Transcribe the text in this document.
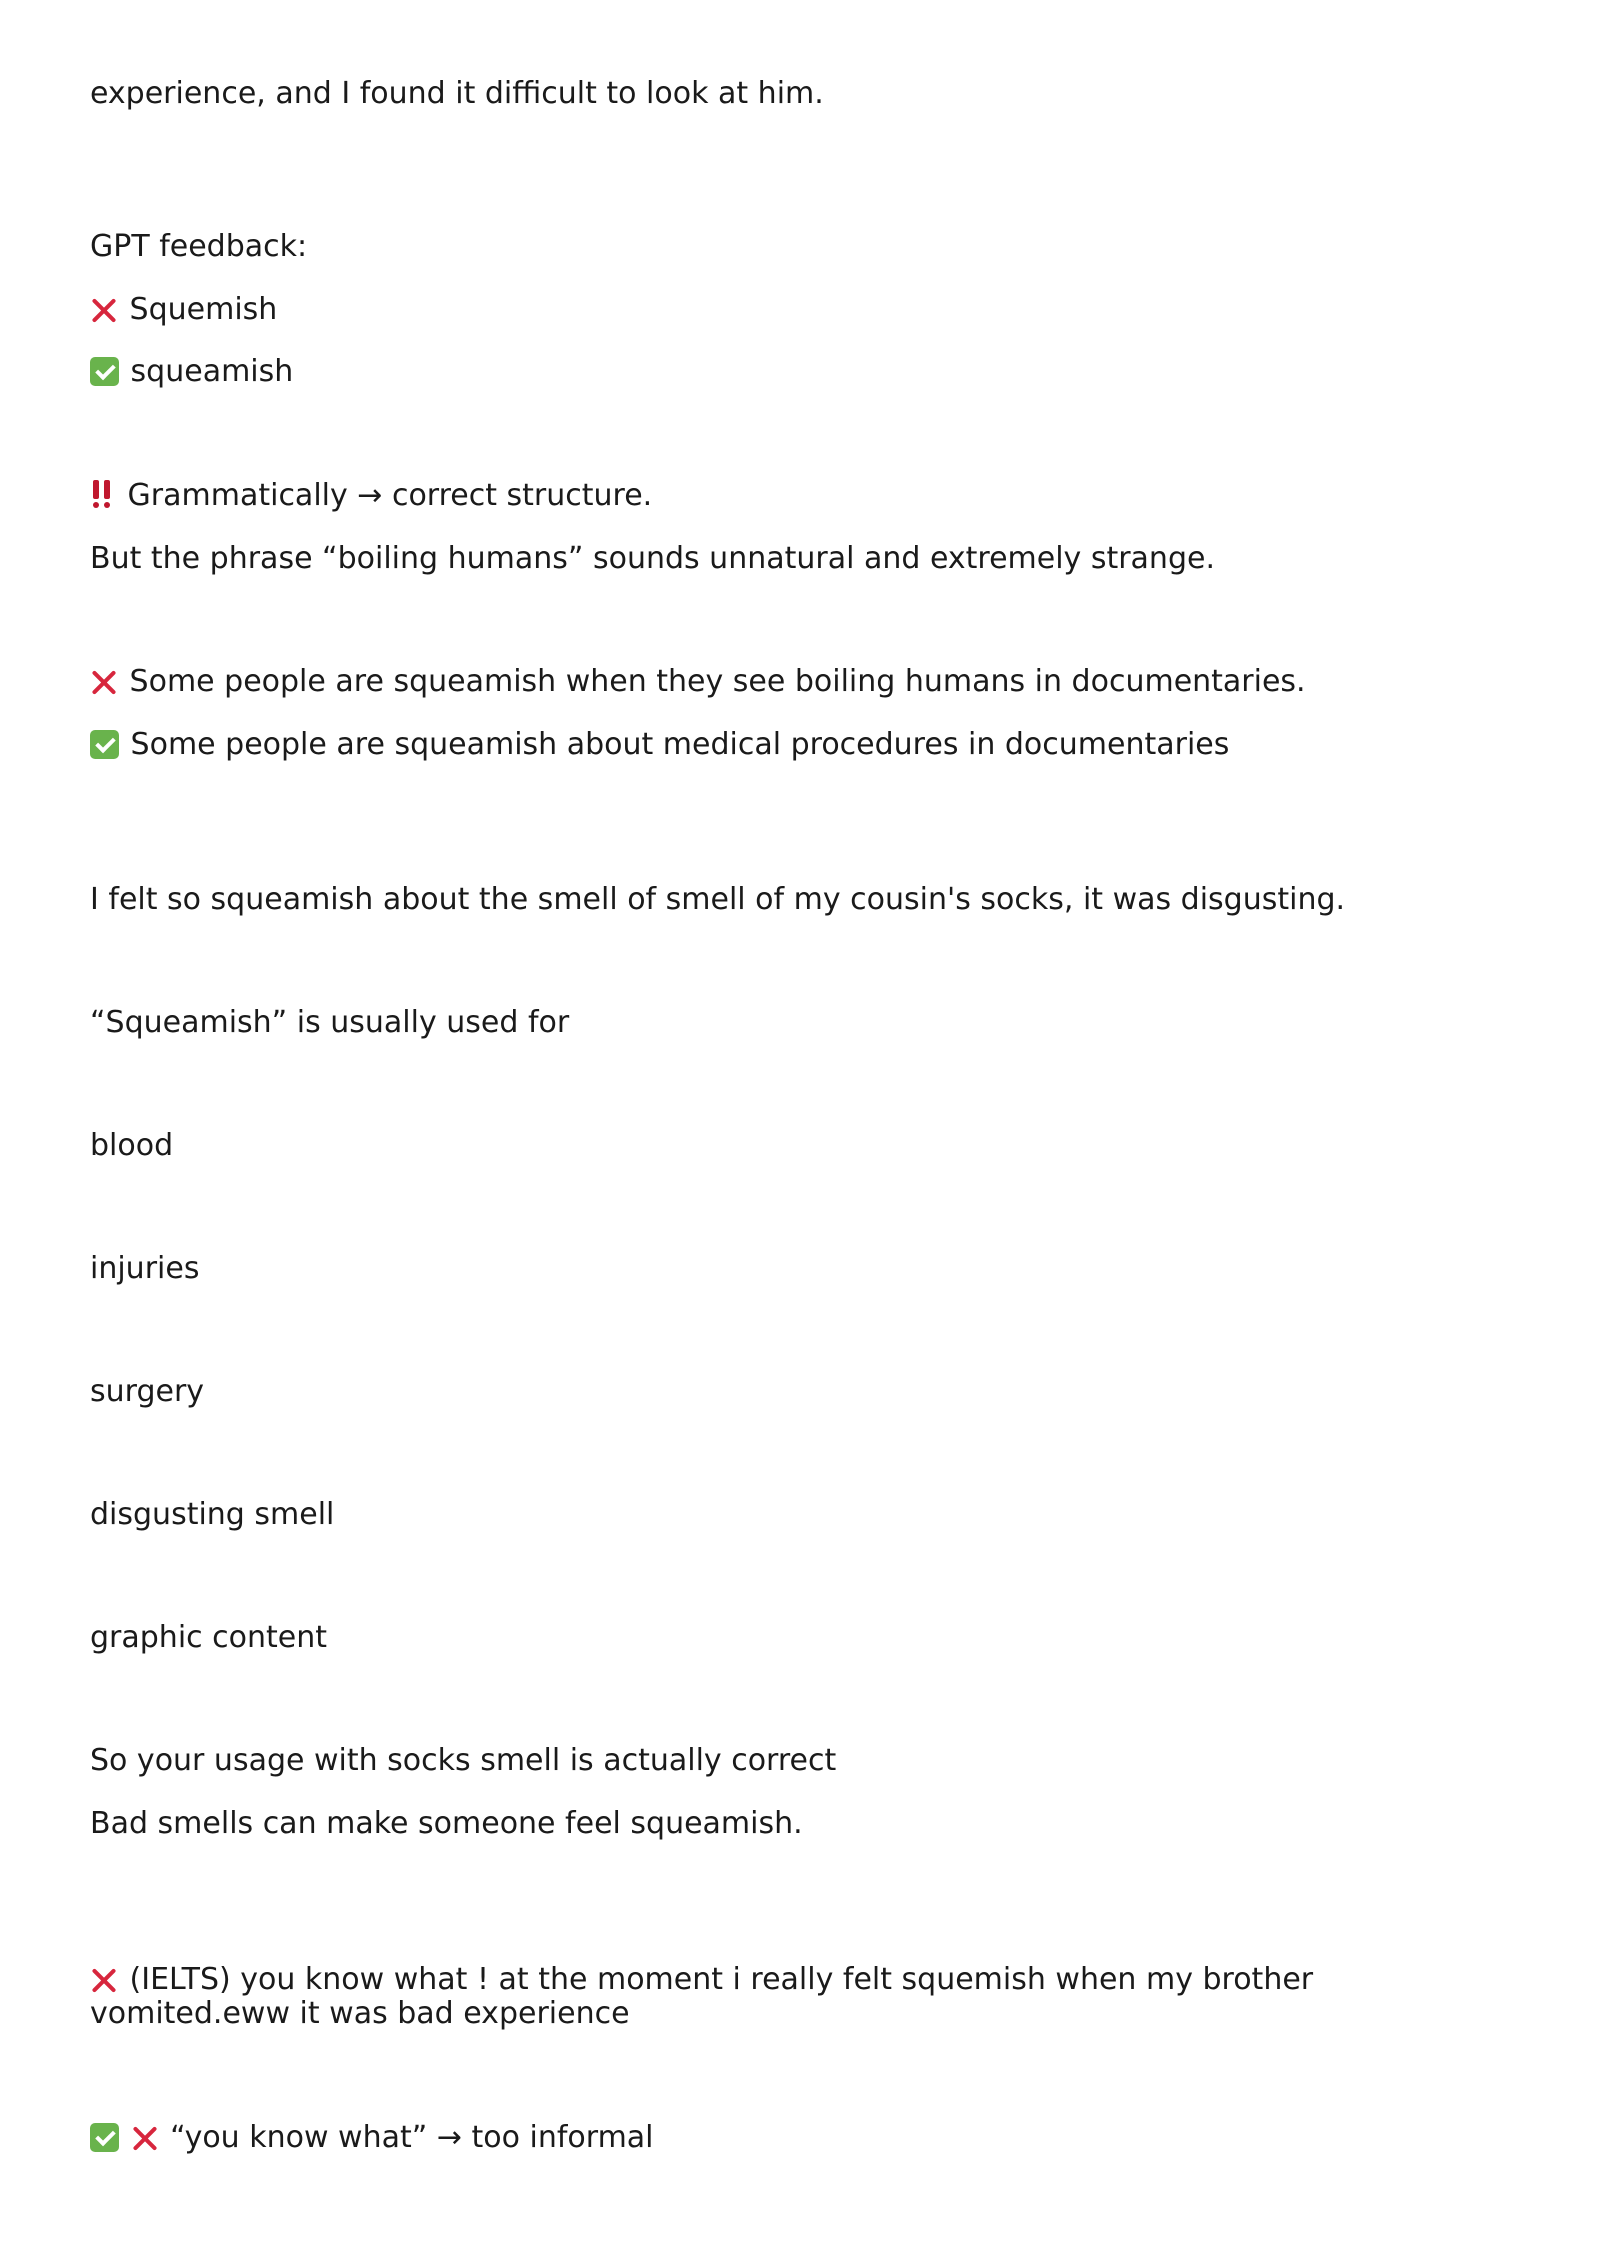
experience, and I found it difficult to look at him.
GPT feedback:
Squemish
squeamish
Grammatically → correct structure.
But the phrase “boiling humans” sounds unnatural and extremely strange.
Some people are squeamish when they see boiling humans in documentaries.
Some people are squeamish about medical procedures in documentaries
I felt so squeamish about the smell of smell of my cousin's socks, it was disgusting.
“Squeamish” is usually used for
blood
injuries
surgery
disgusting smell
graphic content
So your usage with socks smell is actually correct
Bad smells can make someone feel squeamish.
(IELTS) you know what ! at the moment i really felt squemish when my brother vomited.eww it was bad experience
“you know what” → too informal
